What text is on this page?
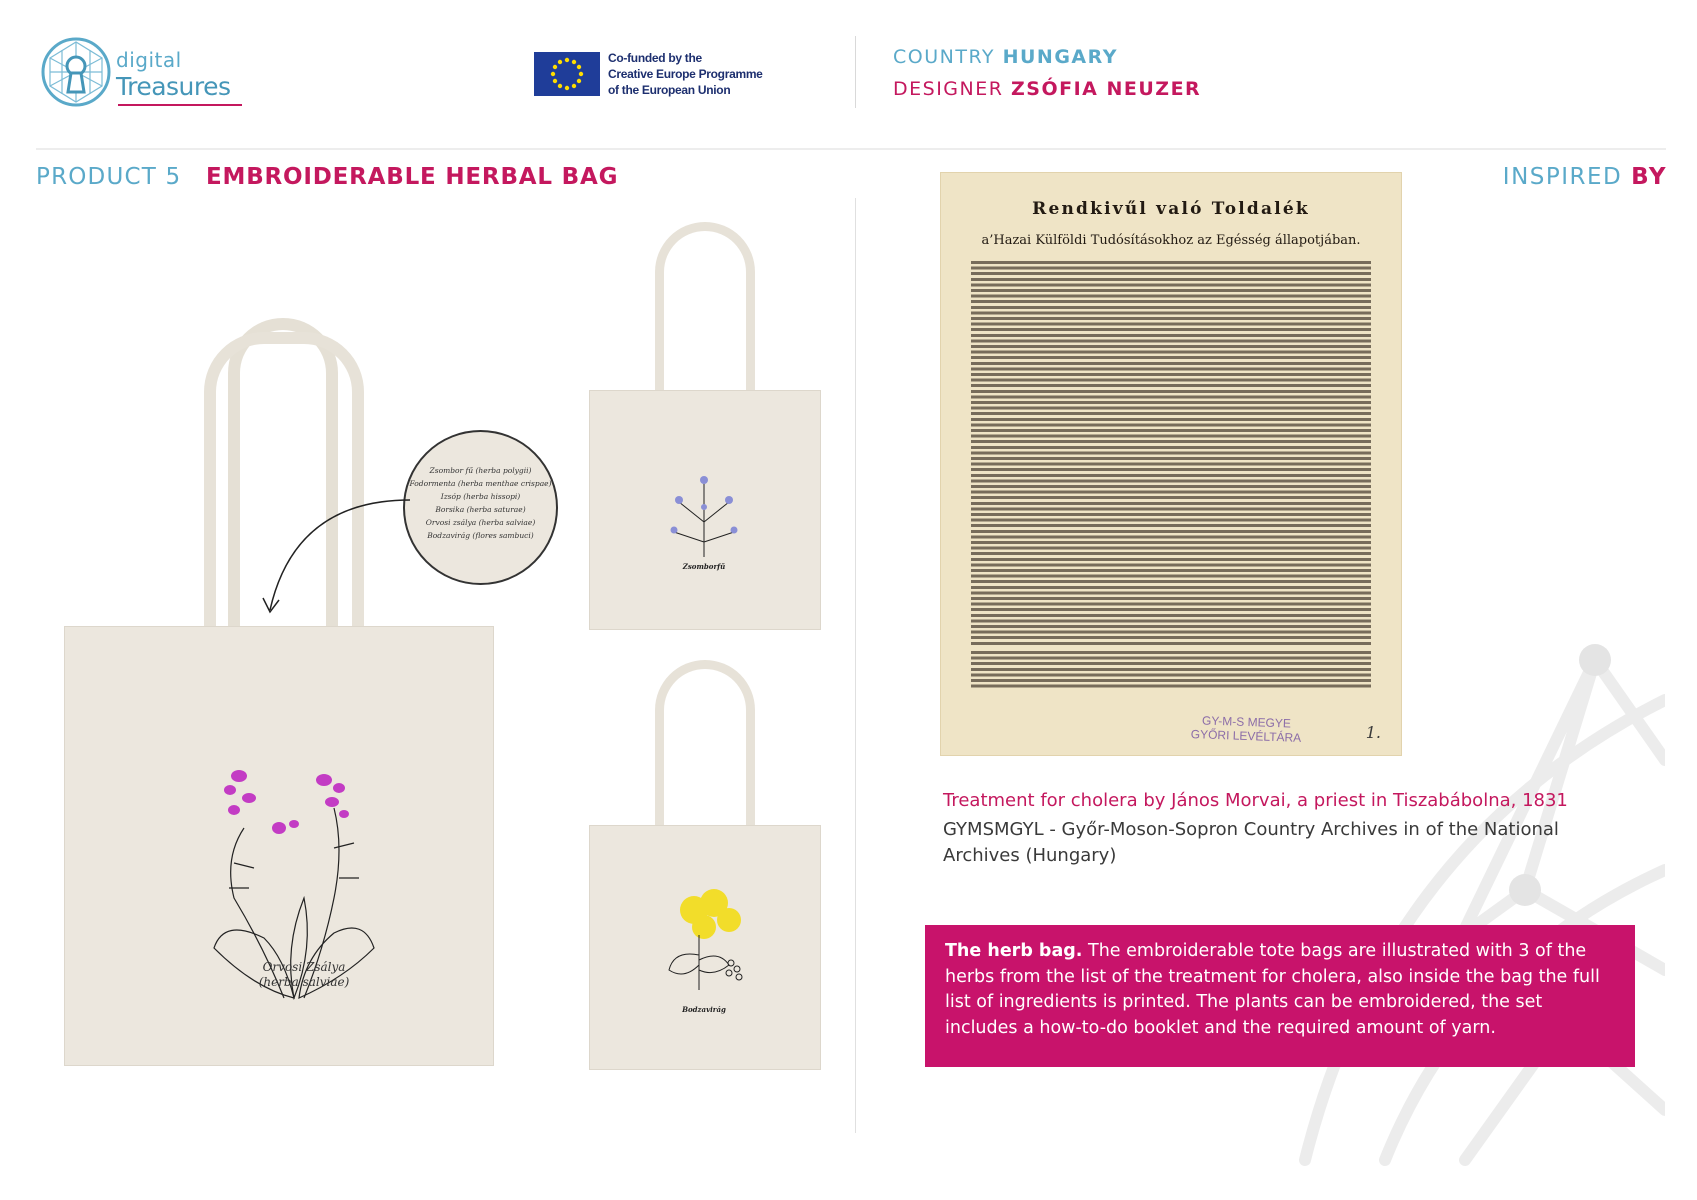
digital
Treasures
Co-funded by the
Creative Europe Programme
of the European Union
COUNTRY HUNGARY
DESIGNER ZSÓFIA NEUZER
PRODUCT 5 EMBROIDERABLE HERBAL BAG	INSPIRED BY
Orvosi Zsálya
(herba salviae)
Zsombor fű (herba polygii)
Fodormenta (herba menthae crispae)
Izsóp (herba hissopi)
Borsika (herba saturae)
Orvosi zsálya (herba salviae)
Bodzavirág (flores sambuci)
Zsomborfű
Bodzavirág
Rendkivűl való Toldalék
a’Hazai Külföldi Tudósításokhoz az Egésség állapotjában.
GY-M-S MEGYE
GYŐRI LEVÉLTÁRA	1.
Treatment for cholera by János Morvai, a priest in Tiszabábolna, 1831
GYMSMGYL - Győr-Moson-Sopron Country Archives in of the National Archives (Hungary)
The herb bag. The embroiderable tote bags are illustrated with 3 of the herbs from the list of the treatment for cholera, also inside the bag the full list of ingredients is printed. The plants can be embroidered, the set includes a how-to-do booklet and the required amount of yarn.
